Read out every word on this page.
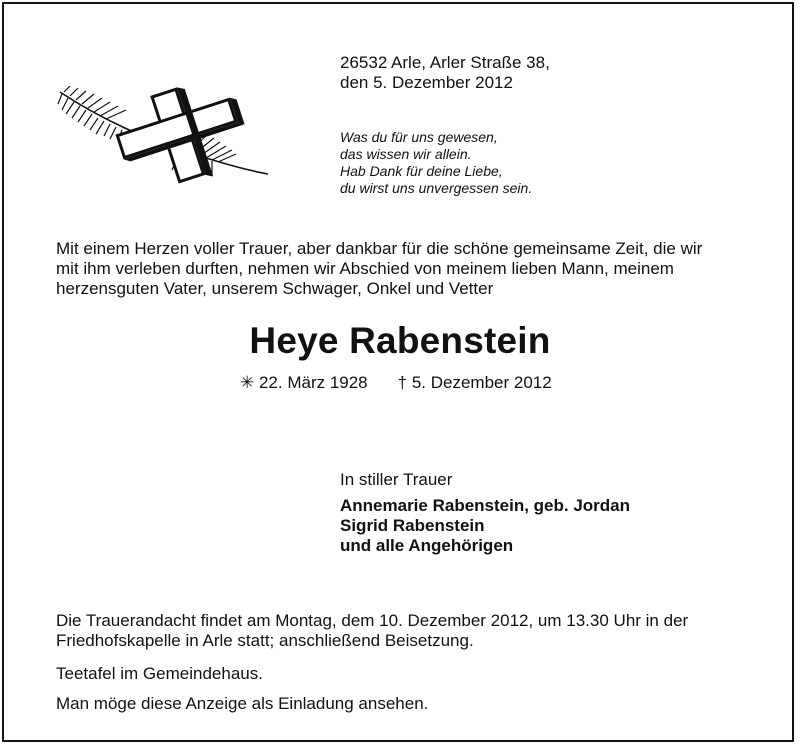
26532 Arle, Arler Straße 38,
den 5. Dezember 2012
Was du für uns gewesen,
das wissen wir allein.
Hab Dank für deine Liebe,
du wirst uns unvergessen sein.
Mit einem Herzen voller Trauer, aber dankbar für die schöne gemeinsame Zeit, die wir
mit ihm verleben durften, nehmen wir Abschied von meinem lieben Mann, meinem
herzensguten Vater, unserem Schwager, Onkel und Vetter
Heye Rabenstein
✳ 22. März 1928 † 5. Dezember 2012
In stiller Trauer
Annemarie Rabenstein, geb. Jordan
Sigrid Rabenstein
und alle Angehörigen
Die Trauerandacht findet am Montag, dem 10. Dezember 2012, um 13.30 Uhr in der
Friedhofskapelle in Arle statt; anschließend Beisetzung.
Teetafel im Gemeindehaus.
Man möge diese Anzeige als Einladung ansehen.
